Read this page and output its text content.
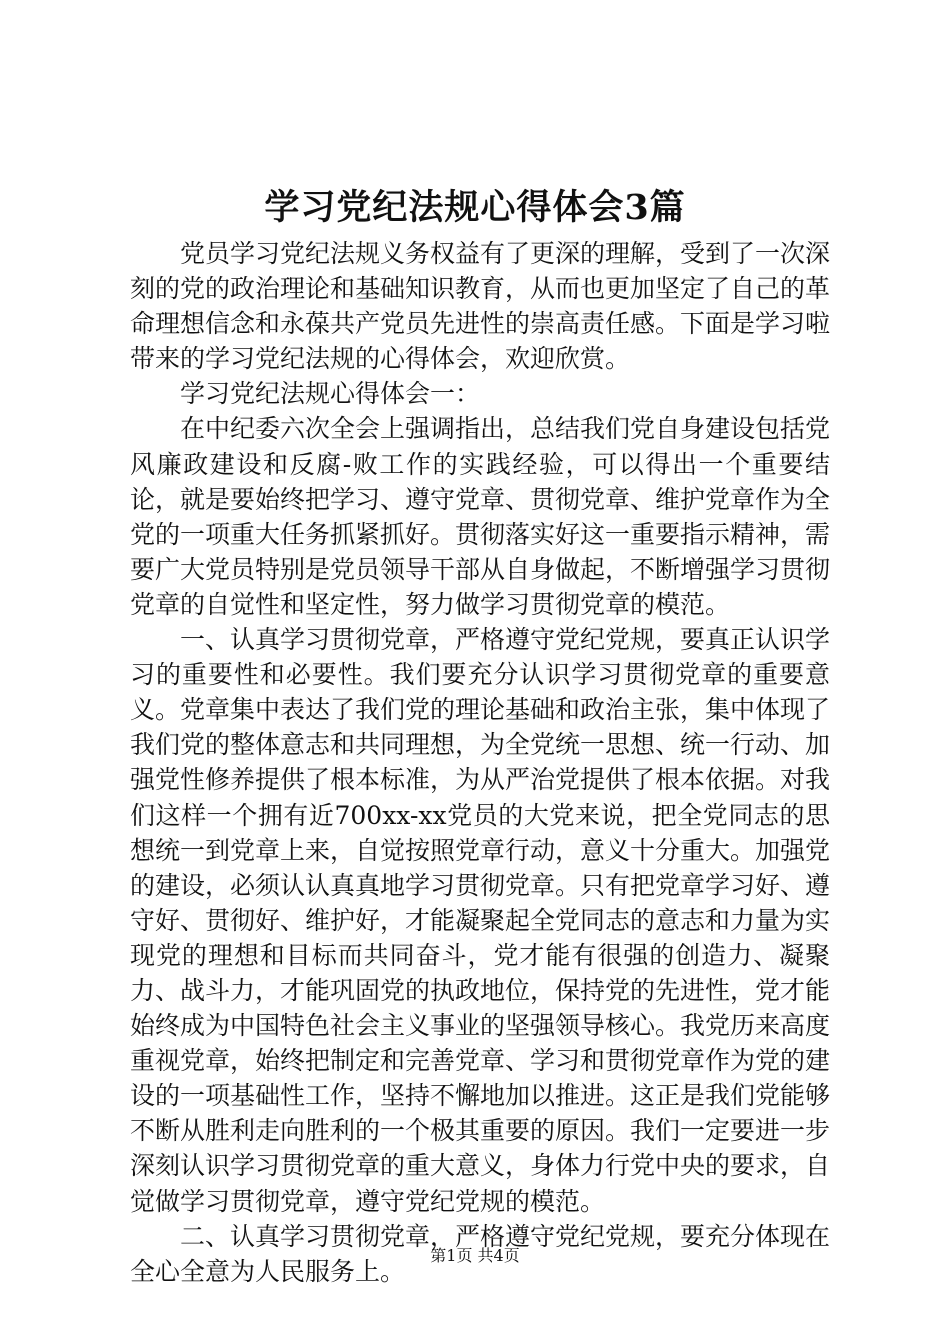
学习党纪法规心得体会3篇

党员学习党纪法规义务权益有了更深的理解，受到了一次深刻的党的政治理论和基础知识教育，从而也更加坚定了自己的革命理想信念和永葆共产党员先进性的崇高责任感。下面是学习啦带来的学习党纪法规的心得体会，欢迎欣赏。

学习党纪法规心得体会一：

在中纪委六次全会上强调指出，总结我们党自身建设包括党风廉政建设和反腐-败工作的实践经验，可以得出一个重要结论，就是要始终把学习、遵守党章、贯彻党章、维护党章作为全党的一项重大任务抓紧抓好。贯彻落实好这一重要指示精神，需要广大党员特别是党员领导干部从自身做起，不断增强学习贯彻党章的自觉性和坚定性，努力做学习贯彻党章的模范。

一、认真学习贯彻党章，严格遵守党纪党规，要真正认识学习的重要性和必要性。我们要充分认识学习贯彻党章的重要意义。党章集中表达了我们党的理论基础和政治主张，集中体现了我们党的整体意志和共同理想，为全党统一思想、统一行动、加强党性修养提供了根本标准，为从严治党提供了根本依据。对我们这样一个拥有近700xx-xx党员的大党来说，把全党同志的思想统一到党章上来，自觉按照党章行动，意义十分重大。加强党的建设，必须认认真真地学习贯彻党章。只有把党章学习好、遵守好、贯彻好、维护好，才能凝聚起全党同志的意志和力量为实现党的理想和目标而共同奋斗，党才能有很强的创造力、凝聚力、战斗力，才能巩固党的执政地位，保持党的先进性，党才能始终成为中国特色社会主义事业的坚强领导核心。我党历来高度重视党章，始终把制定和完善党章、学习和贯彻党章作为党的建设的一项基础性工作，坚持不懈地加以推进。这正是我们党能够不断从胜利走向胜利的一个极其重要的原因。我们一定要进一步深刻认识学习贯彻党章的重大意义，身体力行党中央的要求，自觉做学习贯彻党章，遵守党纪党规的模范。

二、认真学习贯彻党章，严格遵守党纪党规，要充分体现在全心全意为人民服务上。

第1页 共4页
